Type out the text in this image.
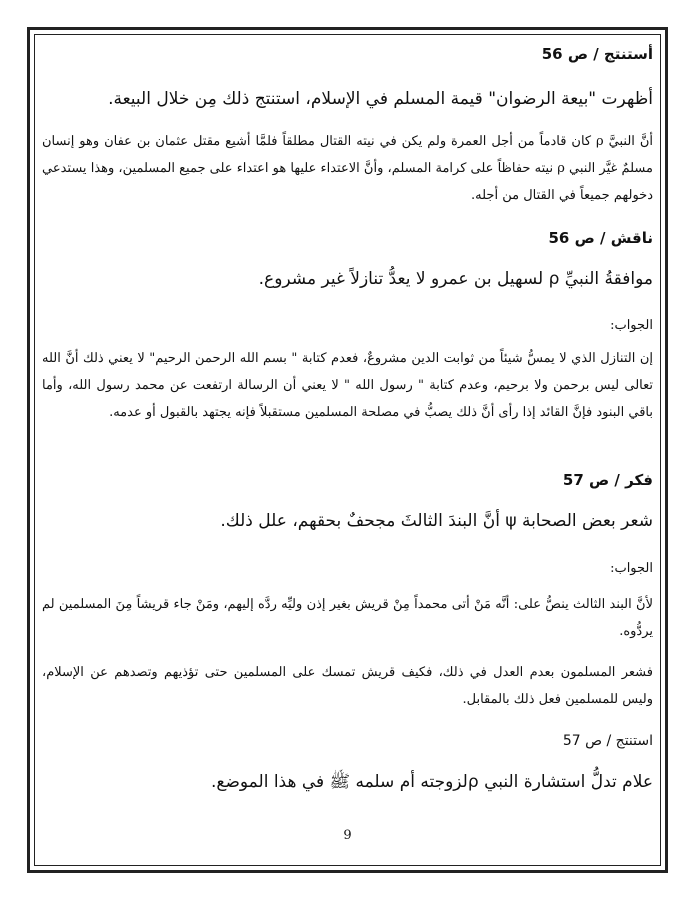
أستنتج / ص 56
أظهرت "بيعة الرضوان" قيمة المسلم في الإسلام، استنتج ذلك مِن خلال البيعة.
أنَّ النبيَّ ρ كان قادماً من أجل العمرة ولم يكن في نيته القتال مطلقاً فلمَّا أشيع مقتل عثمان بن عفان وهو إنسان مسلمٌ غيَّر النبي ρ نيته حفاظاً على كرامة المسلم، وأنَّ الاعتداء عليها هو اعتداء على جميع المسلمين، وهذا يستدعي دخولهم جميعاً في القتال من أجله.
ناقش / ص 56
موافقةُ النبيِّ ρ لسهيل بن عمرو لا يعدُّ تنازلاً غير مشروع.
الجواب:
إن التنازل الذي لا يمسُّ شيئاً من ثوابت الدين مشروعٌ، فعدم كتابة " بسم الله الرحمن الرحيم" لا يعني ذلك أنَّ الله تعالى ليس برحمن ولا برحيم، وعدم كتابة " رسول الله " لا يعني أن الرسالة ارتفعت عن محمد رسول الله، وأما باقي البنود فإنَّ القائد إذا رأى أنَّ ذلك يصبُّ في مصلحة المسلمين مستقبلاً فإنه يجتهد بالقبول أو عدمه.
فكر / ص 57
شعر بعض الصحابة ψ أنَّ البندَ الثالثَ مجحفٌ بحقهم، علل ذلك.
الجواب:
لأنَّ البند الثالث ينصُّ على: أنَّه مَنْ أتى محمداً مِنْ قريش بغير إذن وليِّه ردَّه إليهم، ومَنْ جاء قريشاً مِنَ المسلمين لم يردُّوه.
فشعر المسلمون بعدم العدل في ذلك، فكيف قريش تمسك على المسلمين حتى تؤذيهم وتصدهم عن الإسلام، وليس للمسلمين فعل ذلك بالمقابل.
استنتج / ص 57
علام تدلُّ استشارة النبي ρلزوجته أم سلمه ﷺ في هذا الموضع.
9
